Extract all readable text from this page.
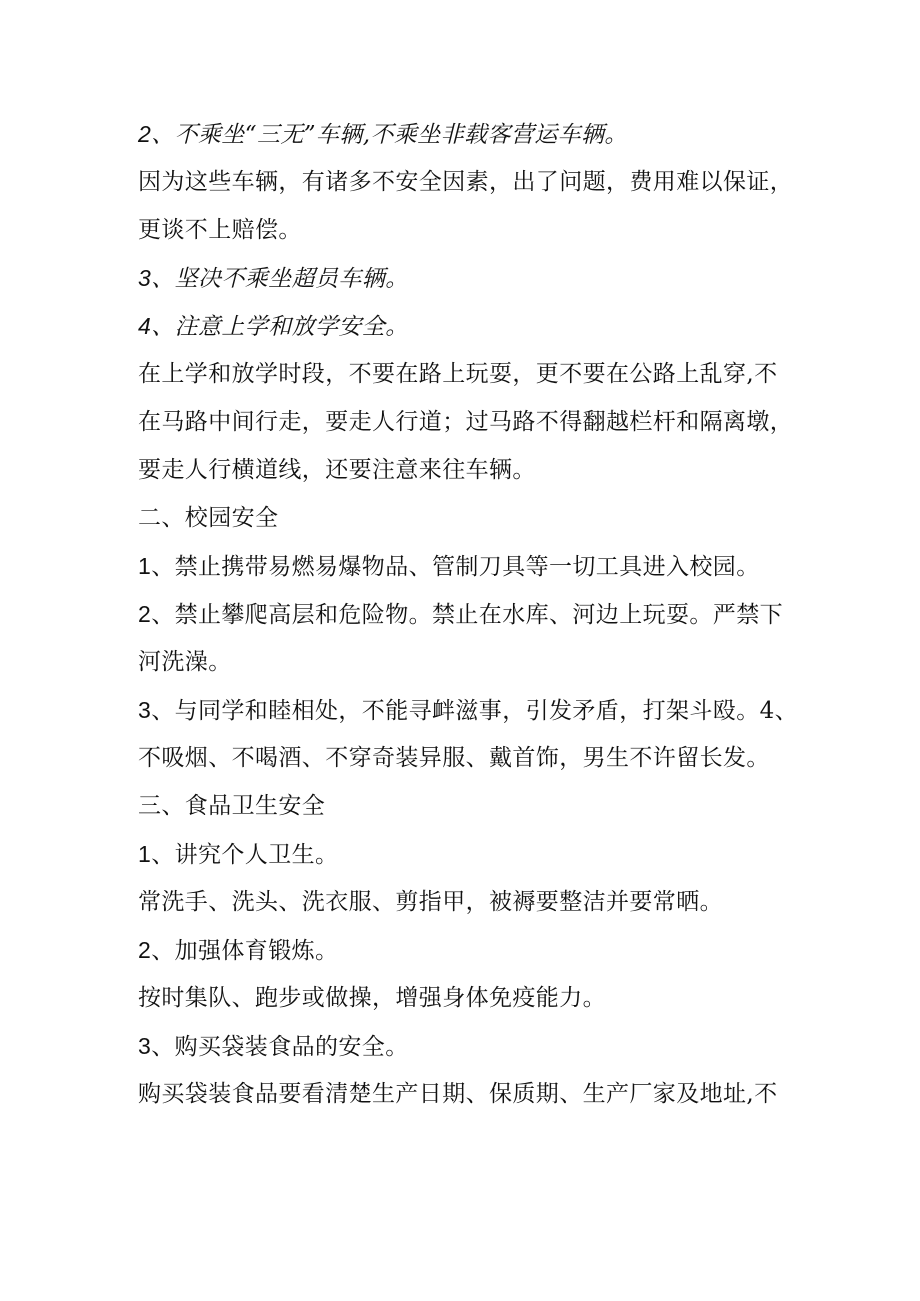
2、不乘坐“三无”车辆,不乘坐非载客营运车辆。
因为这些车辆，有诸多不安全因素，出了问题，费用难以保证，
更谈不上赔偿。
3、坚决不乘坐超员车辆。
4、注意上学和放学安全。
在上学和放学时段，不要在路上玩耍，更不要在公路上乱穿,不
在马路中间行走，要走人行道；过马路不得翻越栏杆和隔离墩，
要走人行横道线，还要注意来往车辆。
二、校园安全
1、禁止携带易燃易爆物品、管制刀具等一切工具进入校园。
2、禁止攀爬高层和危险物。禁止在水库、河边上玩耍。严禁下
河洗澡。
3、与同学和睦相处，不能寻衅滋事，引发矛盾，打架斗殴。4、
不吸烟、不喝酒、不穿奇装异服、戴首饰，男生不许留长发。
三、食品卫生安全
1、讲究个人卫生。
常洗手、洗头、洗衣服、剪指甲，被褥要整洁并要常晒。
2、加强体育锻炼。
按时集队、跑步或做操，增强身体免疫能力。
3、购买袋装食品的安全。
购买袋装食品要看清楚生产日期、保质期、生产厂家及地址,不
